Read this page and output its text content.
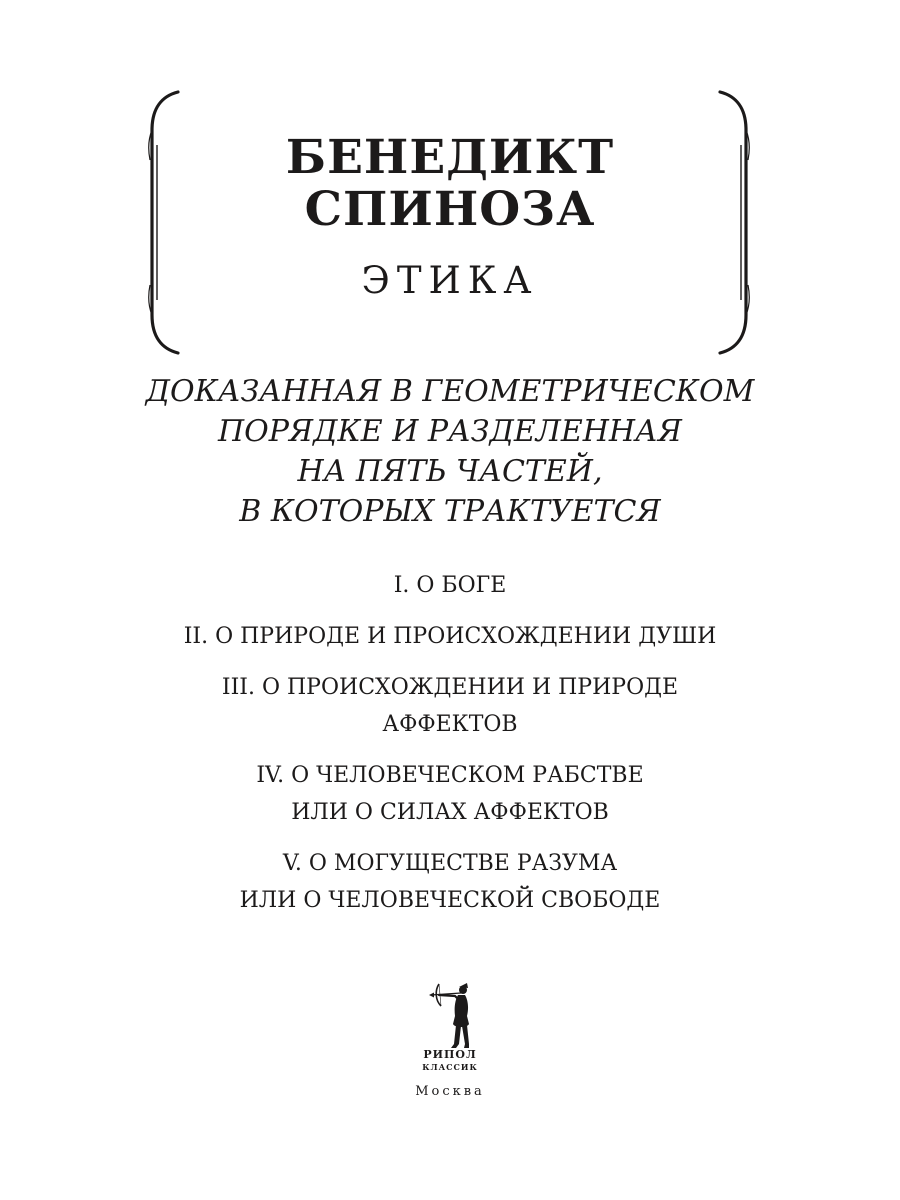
БЕНЕДИКТ
СПИНОЗА
ЭТИКА
ДОКАЗАННАЯ В ГЕОМЕТРИЧЕСКОМ
ПОРЯДКЕ И РАЗДЕЛЕННАЯ
НА ПЯТЬ ЧАСТЕЙ,
В КОТОРЫХ ТРАКТУЕТСЯ
I. О БОГЕ
II. О ПРИРОДЕ И ПРОИСХОЖДЕНИИ ДУШИ
III. О ПРОИСХОЖДЕНИИ И ПРИРОДЕ
АФФЕКТОВ
IV. О ЧЕЛОВЕЧЕСКОМ РАБСТВЕ
ИЛИ О СИЛАХ АФФЕКТОВ
V. О МОГУЩЕСТВЕ РАЗУМА
ИЛИ О ЧЕЛОВЕЧЕСКОЙ СВОБОДЕ
РИПОЛ
КЛАССИК
Москва
